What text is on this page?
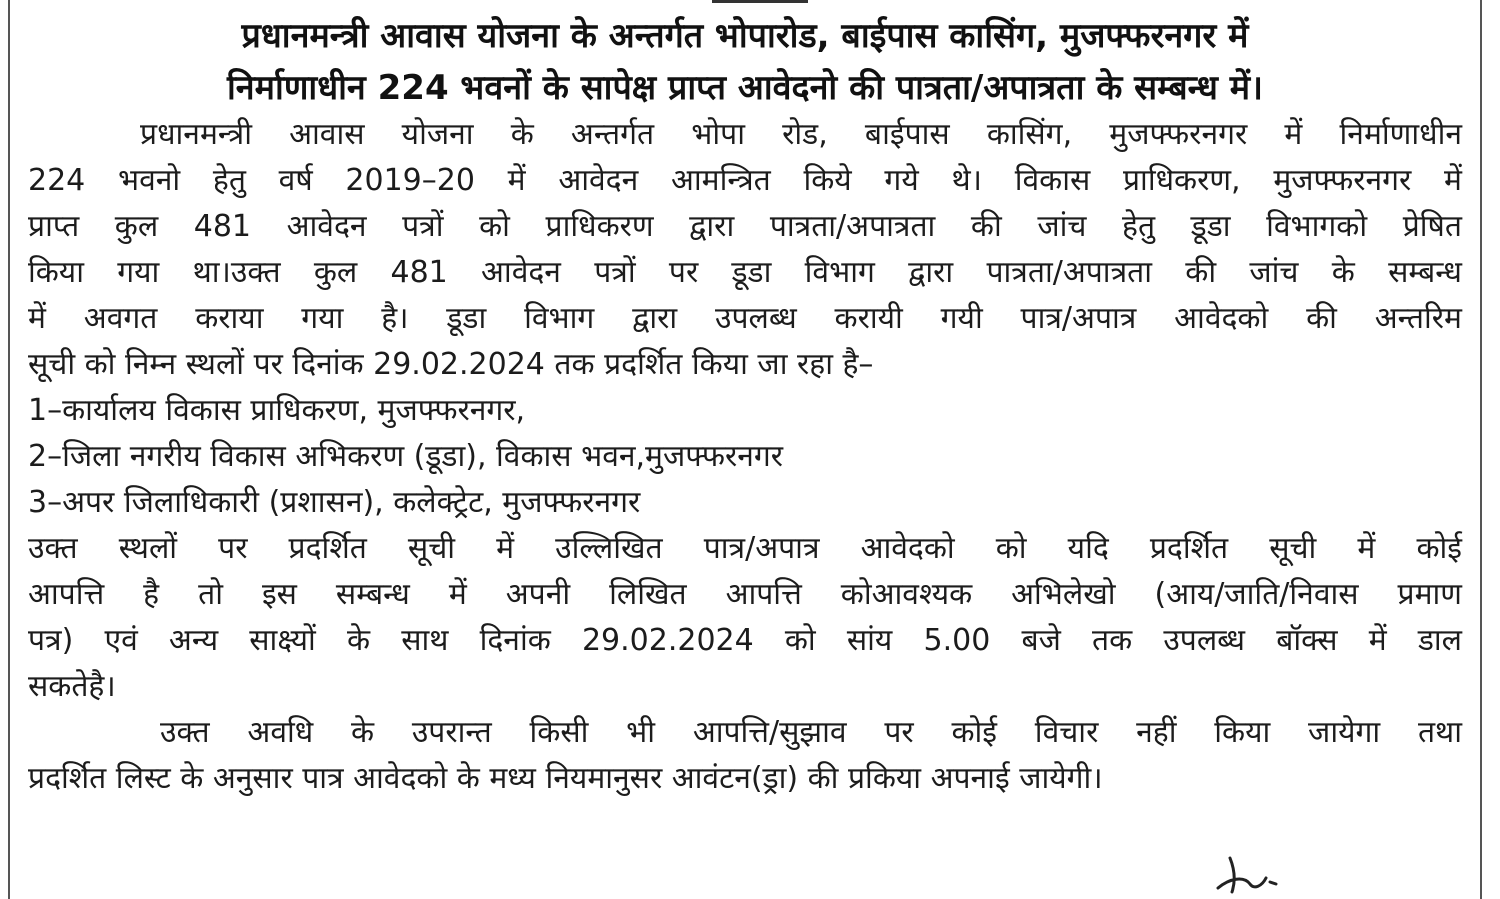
प्रधानमन्त्री आवास योजना के अन्तर्गत भोपारोड, बाईपास कासिंग, मुजफ्फरनगर में
निर्माणाधीन 224 भवनों के सापेक्ष प्राप्त आवेदनो की पात्रता/अपात्रता के सम्बन्ध में।
प्रधानमन्त्री आवास योजना के अन्तर्गत भोपा रोड, बाईपास कासिंग, मुजफ्फरनगर में निर्माणाधीन
224 भवनो हेतु वर्ष 2019–20 में आवेदन आमन्त्रित किये गये थे। विकास प्राधिकरण, मुजफ्फरनगर में
प्राप्त कुल 481 आवेदन पत्रों को प्राधिकरण द्वारा पात्रता/अपात्रता की जांच हेतु डूडा विभागको प्रेषित
किया गया था।उक्त कुल 481 आवेदन पत्रों पर डूडा विभाग द्वारा पात्रता/अपात्रता की जांच के सम्बन्ध
में अवगत कराया गया है। डूडा विभाग द्वारा उपलब्ध करायी गयी पात्र/अपात्र आवेदको की अन्तरिम
सूची को निम्न स्थलों पर दिनांक 29.02.2024 तक प्रदर्शित किया जा रहा है–
1–कार्यालय विकास प्राधिकरण, मुजफ्फरनगर,
2–जिला नगरीय विकास अभिकरण (डूडा), विकास भवन,मुजफ्फरनगर
3–अपर जिलाधिकारी (प्रशासन), कलेक्ट्रेट, मुजफ्फरनगर
उक्त स्थलों पर प्रदर्शित सूची में उल्लिखित पात्र/अपात्र आवेदको को यदि प्रदर्शित सूची में कोई
आपत्ति है तो इस सम्बन्ध में अपनी लिखित आपत्ति कोआवश्यक अभिलेखो (आय/जाति/निवास प्रमाण
पत्र) एवं अन्य साक्ष्यों के साथ दिनांक 29.02.2024 को सांय 5.00 बजे तक उपलब्ध बॉक्स में डाल
सकतेहै।
उक्त अवधि के उपरान्त किसी भी आपत्ति/सुझाव पर कोई विचार नहीं किया जायेगा तथा
प्रदर्शित लिस्ट के अनुसार पात्र आवेदको के मध्य नियमानुसर आवंटन(ड्रा) की प्रकिया अपनाई जायेगी।
